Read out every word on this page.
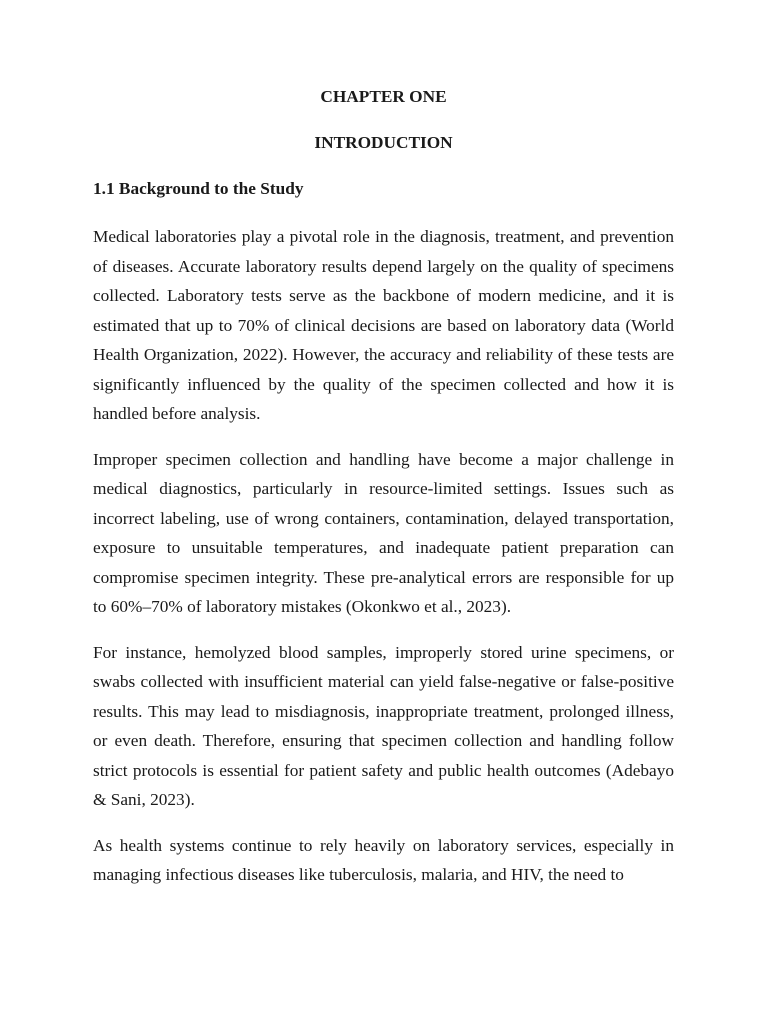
CHAPTER ONE

INTRODUCTION

1.1 Background to the Study

Medical laboratories play a pivotal role in the diagnosis, treatment, and prevention of diseases. Accurate laboratory results depend largely on the quality of specimens collected. Laboratory tests serve as the backbone of modern medicine, and it is estimated that up to 70% of clinical decisions are based on laboratory data (World Health Organization, 2022). However, the accuracy and reliability of these tests are significantly influenced by the quality of the specimen collected and how it is handled before analysis.

Improper specimen collection and handling have become a major challenge in medical diagnostics, particularly in resource-limited settings. Issues such as incorrect labeling, use of wrong containers, contamination, delayed transportation, exposure to unsuitable temperatures, and inadequate patient preparation can compromise specimen integrity. These pre-analytical errors are responsible for up to 60%–70% of laboratory mistakes (Okonkwo et al., 2023).

For instance, hemolyzed blood samples, improperly stored urine specimens, or swabs collected with insufficient material can yield false-negative or false-positive results. This may lead to misdiagnosis, inappropriate treatment, prolonged illness, or even death. Therefore, ensuring that specimen collection and handling follow strict protocols is essential for patient safety and public health outcomes (Adebayo & Sani, 2023).

As health systems continue to rely heavily on laboratory services, especially in managing infectious diseases like tuberculosis, malaria, and HIV, the need to
